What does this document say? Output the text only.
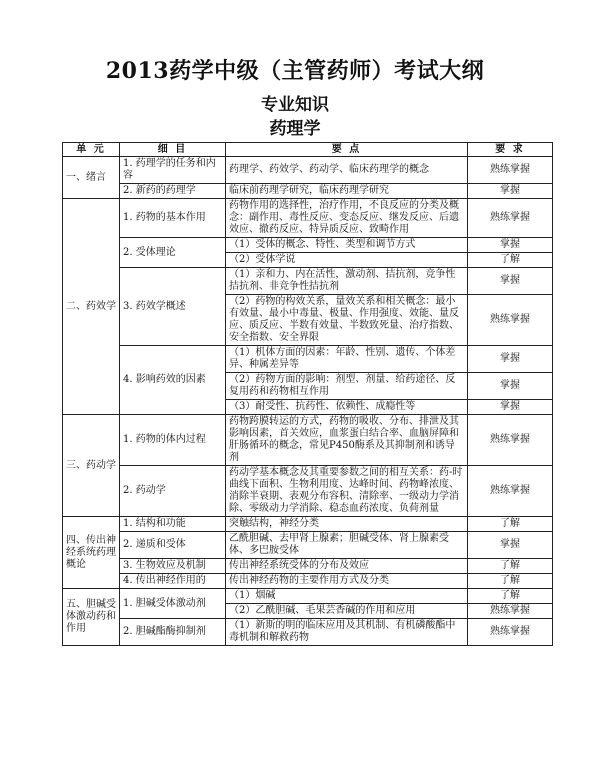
2013药学中级（主管药师）考试大纲
专业知识
药理学
单 元	细 目	要 点	要 求
一、绪言	1. 药理学的任务和内容	药理学、药效学、药动学、临床药理学的概念	熟练掌握
	2. 新药的药理学	临床前药理学研究，临床药理学研究	掌握
二、药效学	1. 药物的基本作用	药物作用的选择性，治疗作用，不良反应的分类及概念：副作用、毒性反应、变态反应、继发反应、后遗效应、撤药反应、特异质反应、致畸作用	熟练掌握
	2. 受体理论	（1）受体的概念、特性、类型和调节方式	掌握
		（2）受体学说	了解
	3. 药效学概述	（1）亲和力、内在活性，激动剂、拮抗剂，竞争性拮抗剂、非竞争性拮抗剂	掌握
		（2）药物的构效关系，量效关系和相关概念：最小有效量、最小中毒量、极量、作用强度、效能、量反应、质反应、半数有效量、半数致死量、治疗指数、安全指数、安全界限	熟练掌握
	4. 影响药效的因素	（1）机体方面的因素：年龄、性别、遗传、个体差异、种属差异等	掌握
		（2）药物方面的影响：剂型、剂量、给药途径、反复用药和药物相互作用	掌握
		（3）耐受性、抗药性、依赖性、成瘾性等	掌握
三、药动学	1. 药物的体内过程	药物跨膜转运的方式，药物的吸收、分布、排泄及其影响因素，首关效应，血浆蛋白结合率、血脑屏障和肝肠循环的概念，常见P450酶系及其抑制剂和诱导剂	熟练掌握
	2. 药动学	药动学基本概念及其重要参数之间的相互关系：药-时曲线下面积、生物利用度、达峰时间、药物峰浓度、消除半衰期、表观分布容积、清除率、一级动力学消除、零级动力学消除、稳态血药浓度、负荷剂量	熟练掌握
四、传出神经系统药理概论	1. 结构和功能	突触结构，神经分类	了解
	2. 递质和受体	乙酰胆碱、去甲肾上腺素；胆碱受体、肾上腺素受体、多巴胺受体	掌握
	3. 生物效应及机制	传出神经系统受体的分布及效应	了解
	4. 传出神经作用的	传出神经药物的主要作用方式及分类	了解
五、胆碱受体激动药和作用	1. 胆碱受体激动剂	（1）烟碱	了解
		（2）乙酰胆碱、毛果芸香碱的作用和应用	熟练掌握
	2. 胆碱酯酶抑制剂	（1）新斯的明的临床应用及其机制、有机磷酸酯中毒机制和解救药物	熟练掌握
